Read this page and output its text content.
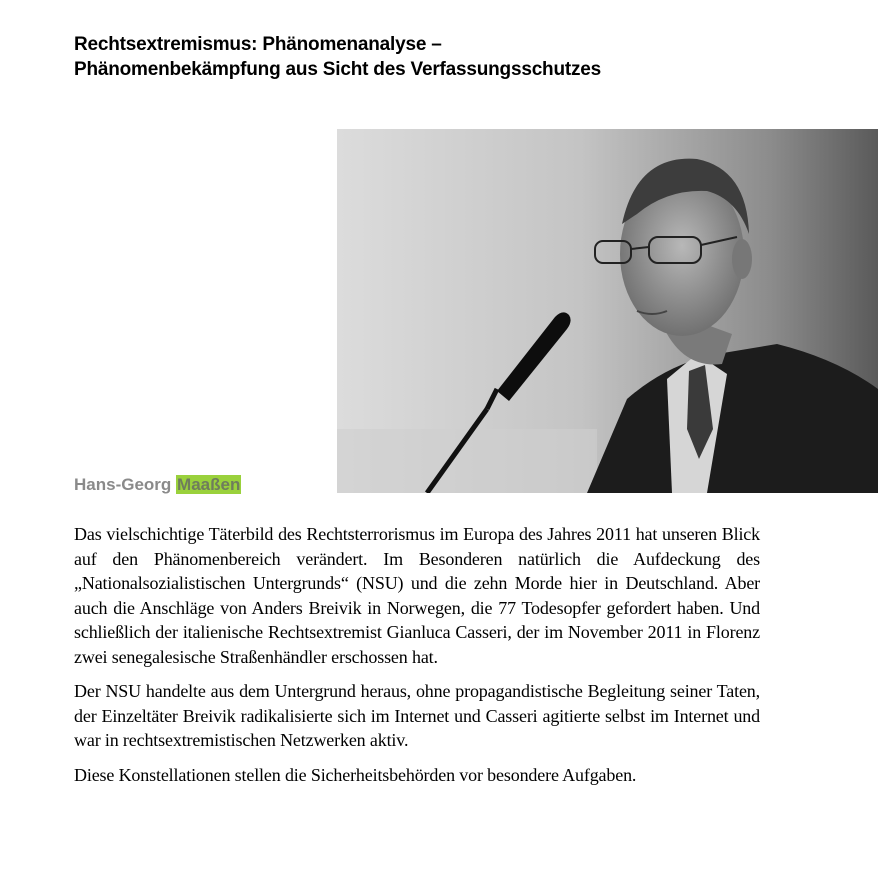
Rechtsextremismus: Phänomenanalyse –
Phänomenbekämpfung aus Sicht des Verfassungsschutzes
Hans-Georg Maaßen

Das vielschichtige Täterbild des Rechtsterrorismus im Europa des Jahres 2011 hat unseren Blick auf den Phänomenbereich verändert. Im Besonderen natürlich die Aufdeckung des „Nationalsozialistischen Untergrunds“ (NSU) und die zehn Morde hier in Deutschland. Aber auch die Anschläge von Anders Breivik in Norwegen, die 77 Todesopfer gefordert haben. Und schließlich der italienische Rechtsextremist Gianluca Casseri, der im November 2011 in Florenz zwei senegalesische Straßenhändler erschossen hat.

Der NSU handelte aus dem Untergrund heraus, ohne propagandistische Begleitung seiner Taten, der Einzeltäter Breivik radikalisierte sich im Internet und Casseri agitierte selbst im Internet und war in rechtsextremistischen Netzwerken aktiv.

Diese Konstellationen stellen die Sicherheitsbehörden vor besondere Aufgaben.
